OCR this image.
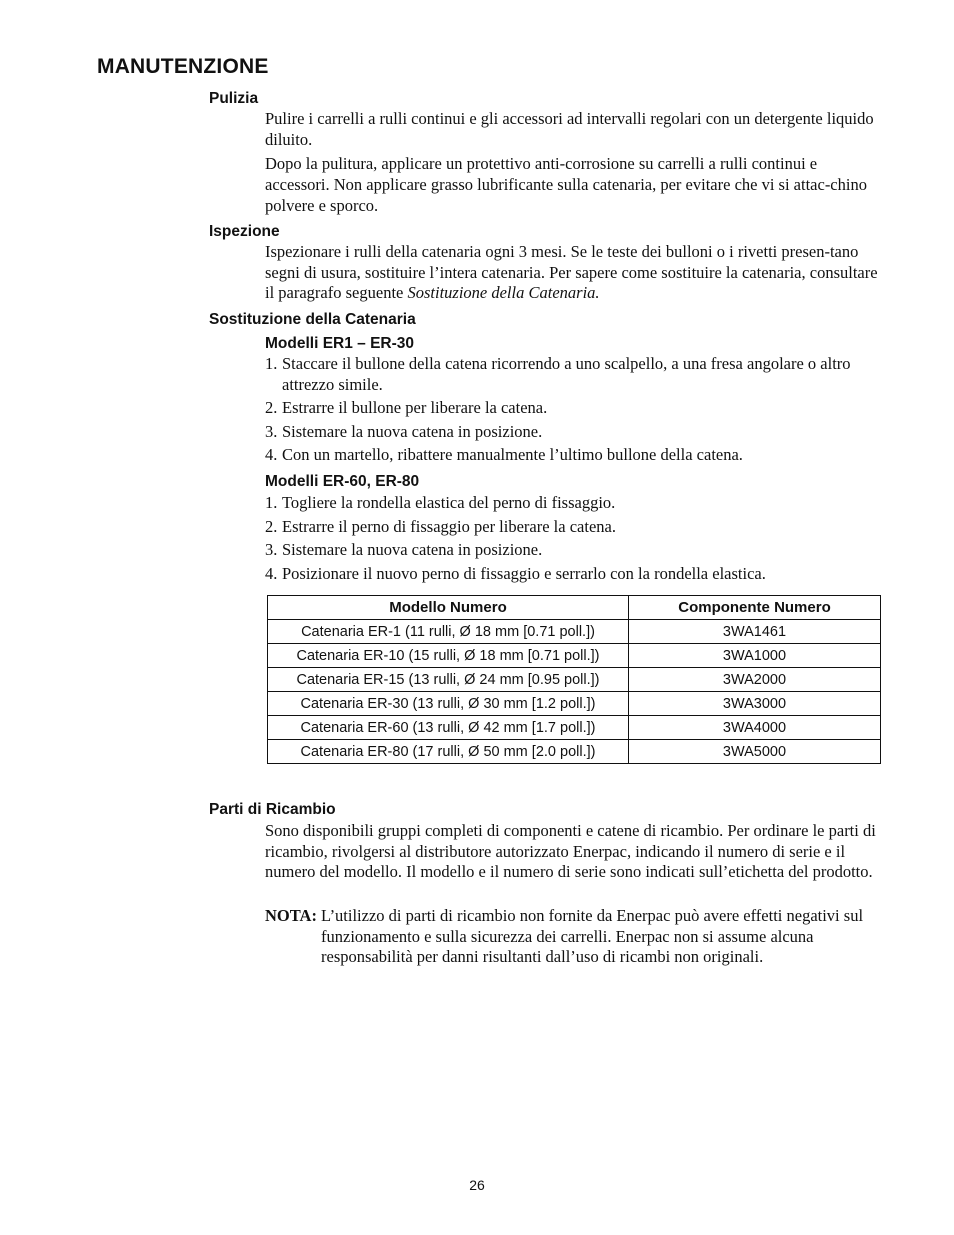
MANUTENZIONE
Pulizia

Pulire i carrelli a rulli continui e gli accessori ad intervalli regolari con un detergente liquido diluito.

Dopo la pulitura, applicare un protettivo anti-corrosione su carrelli a rulli continui e accessori. Non applicare grasso lubrificante sulla catenaria, per evitare che vi si attac-chino polvere e sporco.

Ispezione
Ispezionare i rulli della catenaria ogni 3 mesi. Se le teste dei bulloni o i rivetti presen-tano segni di usura, sostituire l’intera catenaria. Per sapere come sostituire la catenaria, consultare il paragrafo seguente Sostituzione della Catenaria.
Sostituzione della Catenaria
Modelli ER1 – ER-30
1. Staccare il bullone della catena ricorrendo a uno scalpello, a una fresa angolare o altro attrezzo simile.
2. Estrarre il bullone per liberare la catena.
3. Sistemare la nuova catena in posizione.
4. Con un martello, ribattere manualmente l’ultimo bullone della catena.
Modelli ER-60, ER-80
1. Togliere la rondella elastica del perno di fissaggio.
2. Estrarre il perno di fissaggio per liberare la catena.
3. Sistemare la nuova catena in posizione.
4. Posizionare il nuovo perno di fissaggio e serrarlo con la rondella elastica.
Modello Numero	Componente Numero
Catenaria ER-1 (11 rulli, Ø 18 mm [0.71 poll.])	3WA1461
Catenaria ER-10 (15 rulli, Ø 18 mm [0.71 poll.])	3WA1000
Catenaria ER-15 (13 rulli, Ø 24 mm [0.95 poll.])	3WA2000
Catenaria ER-30 (13 rulli, Ø 30 mm [1.2 poll.])	3WA3000
Catenaria ER-60 (13 rulli, Ø 42 mm [1.7 poll.])	3WA4000
Catenaria ER-80 (17 rulli, Ø 50 mm [2.0 poll.])	3WA5000
Parti di Ricambio
Sono disponibili gruppi completi di componenti e catene di ricambio. Per ordinare le parti di ricambio, rivolgersi al distributore autorizzato Enerpac, indicando il numero di serie e il numero del modello. Il modello e il numero di serie sono indicati sull’etichetta del prodotto.
NOTA: L’utilizzo di parti di ricambio non fornite da Enerpac può avere effetti negativi sul funzionamento e sulla sicurezza dei carrelli. Enerpac non si assume alcuna responsabilità per danni risultanti dall’uso di ricambi non originali.
26
